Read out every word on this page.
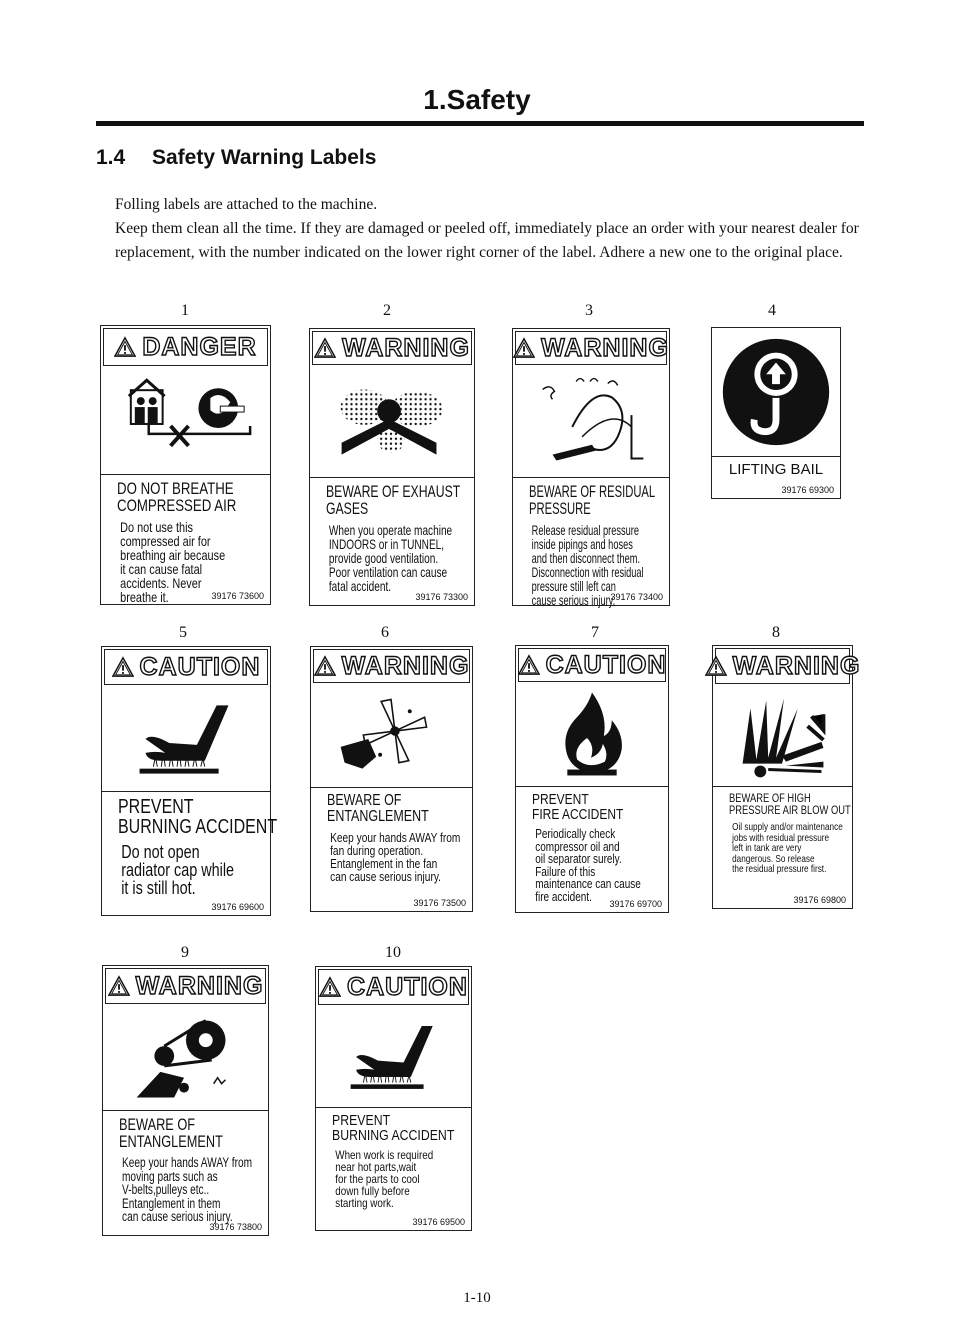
1.Safety
1.4 Safety Warning Labels
Folling labels are attached to the machine.
Keep them clean all the time. If they are damaged or peeled off, immediately place an order with your nearest dealer for replacement, with the number indicated on the lower right corner of the label. Adhere a new one to the original place.
1
DANGER
DO NOT BREATHE
COMPRESSED AIR
Do not use this
compressed air for
breathing air because
it can cause fatal
accidents. Never
breathe it.	39176 73600
2
WARNING
BEWARE OF EXHAUST
GASES
When you operate machine
INDOORS or in TUNNEL,
provide good ventilation.
Poor ventilation can cause
fatal accident.
39176 73300
3
WARNING
BEWARE OF RESIDUAL
PRESSURE
Release residual pressure
inside pipings and hoses
and then disconnect them.
Disconnection with residual
pressure still left can
cause serious injury.
39176 73400
4
LIFTING BAIL
39176 69300
5
CAUTION
PREVENT
BURNING ACCIDENT
Do not open
radiator cap while
it is still hot.
39176 69600
6
WARNING
BEWARE OF
ENTANGLEMENT
Keep your hands AWAY from
fan during operation.
Entanglement in the fan
can cause serious injury.
39176 73500
7
CAUTION
PREVENT
FIRE ACCIDENT
Periodically check
compressor oil and
oil separator surely.
Failure of this
maintenance can cause
fire accident.
39176 69700
8
WARNING
BEWARE OF HIGH
PRESSURE AIR BLOW OUT
Oil supply and/or maintenance
jobs with residual pressure
left in tank are very
dangerous. So release
the residual pressure first.
39176 69800
9
WARNING
BEWARE OF
ENTANGLEMENT
Keep your hands AWAY from
moving parts such as
V-belts,pulleys etc..
Entanglement in them
can cause serious injury.
39176 73800
10
CAUTION
PREVENT
BURNING ACCIDENT
When work is required
near hot parts,wait
for the parts to cool
down fully before
starting work.
39176 69500
1-10
